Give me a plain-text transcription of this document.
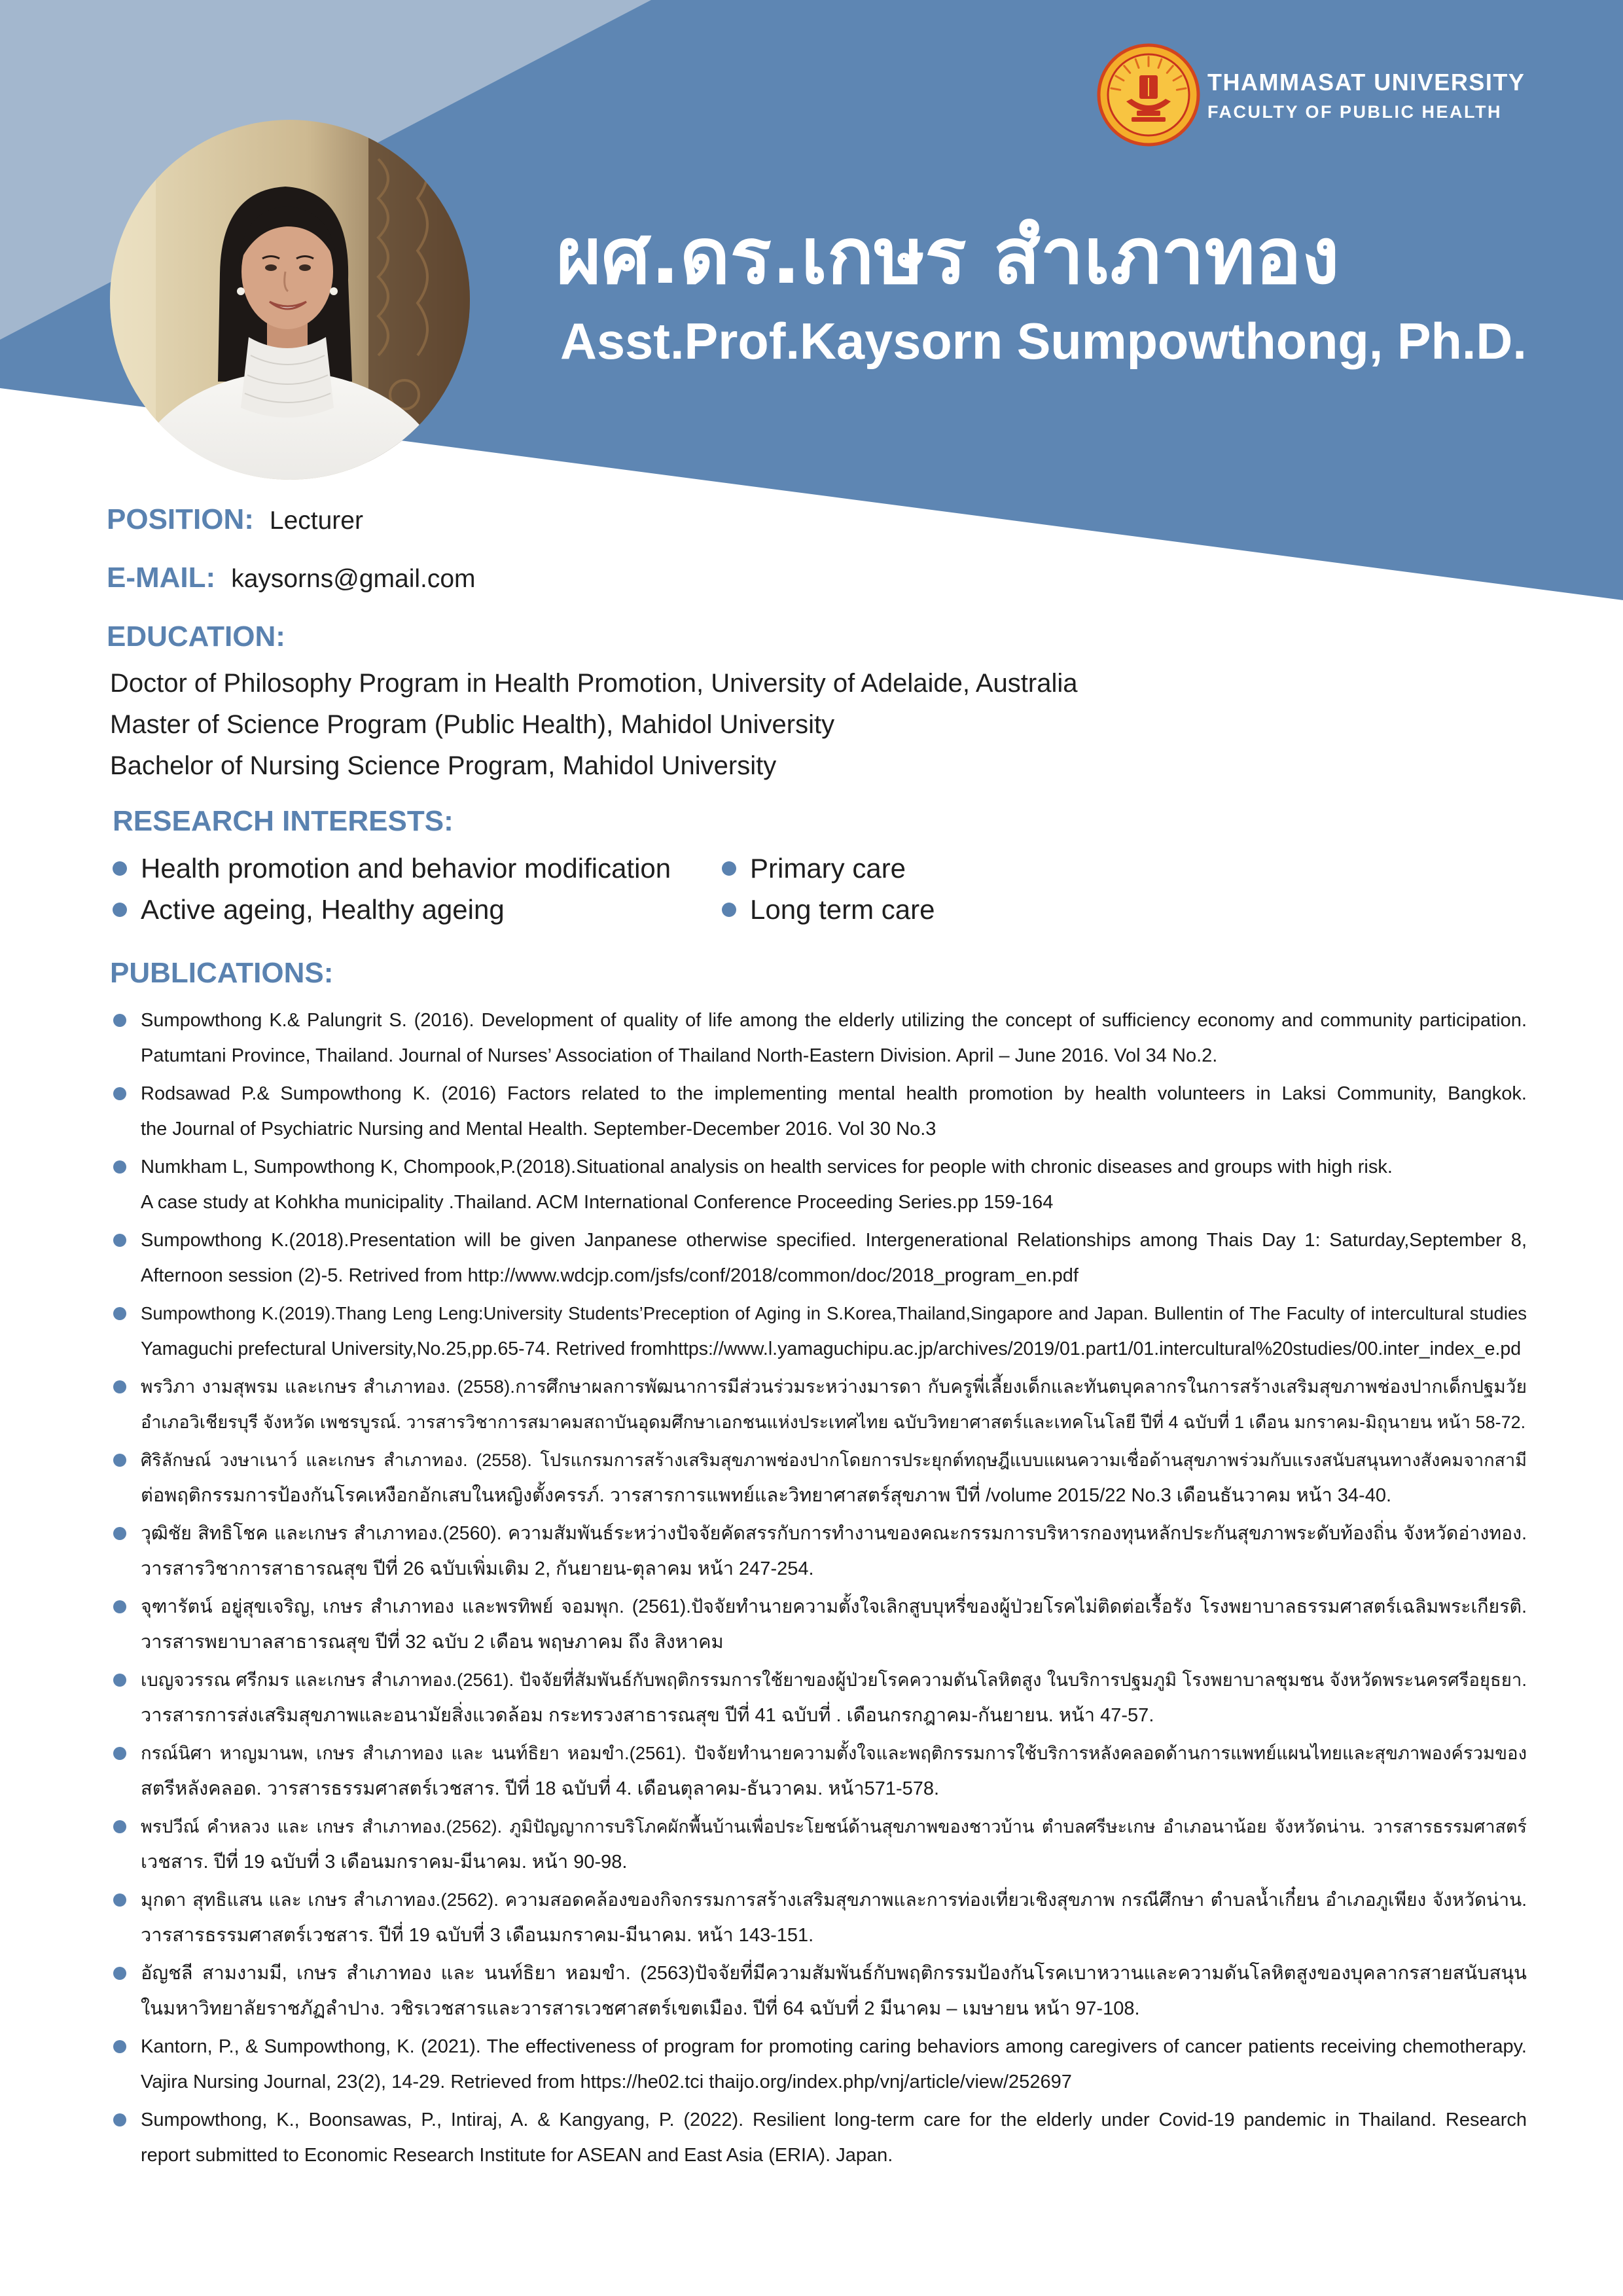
THAMMASAT UNIVERSITY
FACULTY OF PUBLIC HEALTH
ผศ.ดร.เกษร สำเภาทอง
Asst.Prof.Kaysorn Sumpowthong, Ph.D.
POSITION: Lecturer
E-MAIL: kaysorns@gmail.com
EDUCATION:
Doctor of Philosophy Program in Health Promotion, University of Adelaide, Australia
Master of Science Program (Public Health), Mahidol University
Bachelor of Nursing Science Program, Mahidol University
RESEARCH INTERESTS:
Health promotion and behavior modification
Active ageing, Healthy ageing
Primary care
Long term care
PUBLICATIONS:
Sumpowthong K.& Palungrit S. (2016). Development of quality of life among the elderly utilizing the concept of sufficiency economy and community participation.
Patumtani Province, Thailand. Journal of Nurses’ Association of Thailand North-Eastern Division. April – June 2016. Vol 34 No.2.
Rodsawad P.& Sumpowthong K. (2016) Factors related to the implementing mental health promotion by health volunteers in Laksi Community, Bangkok.
the Journal of Psychiatric Nursing and Mental Health. September-December 2016. Vol 30 No.3
Numkham L, Sumpowthong K, Chompook,P.(2018).Situational analysis on health services for people with chronic diseases and groups with high risk.
A case study at Kohkha municipality .Thailand. ACM International Conference Proceeding Series.pp 159-164
Sumpowthong K.(2018).Presentation will be given Janpanese otherwise specified. Intergenerational Relationships among Thais Day 1: Saturday,September 8,
Afternoon session (2)-5. Retrived from http://www.wdcjp.com/jsfs/conf/2018/common/doc/2018_program_en.pdf
Sumpowthong K.(2019).Thang Leng Leng:University Students’Preception of Aging in S.Korea,Thailand,Singapore and Japan. Bullentin of The Faculty of intercultural studies
Yamaguchi prefectural University,No.25,pp.65-74. Retrived fromhttps://www.l.yamaguchipu.ac.jp/archives/2019/01.part1/01.intercultural%20studies/00.inter_index_e.pd
พรวิภา งามสุพรม และเกษร สำเภาทอง. (2558).การศึกษาผลการพัฒนาการมีส่วนร่วมระหว่างมารดา กับครูพี่เลี้ยงเด็กและทันตบุคลากรในการสร้างเสริมสุขภาพช่องปากเด็กปฐมวัย
อำเภอวิเชียรบุรี จังหวัด เพชรบูรณ์. วารสารวิชาการสมาคมสถาบันอุดมศึกษาเอกชนแห่งประเทศไทย ฉบับวิทยาศาสตร์และเทคโนโลยี ปีที่ 4 ฉบับที่ 1 เดือน มกราคม-มิถุนายน หน้า 58-72.
ศิริลักษณ์ วงษาเนาว์ และเกษร สำเภาทอง. (2558). โปรแกรมการสร้างเสริมสุขภาพช่องปากโดยการประยุกต์ทฤษฎีแบบแผนความเชื่อด้านสุขภาพร่วมกับแรงสนับสนุนทางสังคมจากสามี
ต่อพฤติกรรมการป้องกันโรคเหงือกอักเสบในหญิงตั้งครรภ์. วารสารการแพทย์และวิทยาศาสตร์สุขภาพ ปีที่ /volume 2015/22 No.3 เดือนธันวาคม หน้า 34-40.
วุฒิชัย สิทธิโชค และเกษร สำเภาทอง.(2560). ความสัมพันธ์ระหว่างปัจจัยคัดสรรกับการทำงานของคณะกรรมการบริหารกองทุนหลักประกันสุขภาพระดับท้องถิ่น จังหวัดอ่างทอง.
วารสารวิชาการสาธารณสุข ปีที่ 26 ฉบับเพิ่มเติม 2, กันยายน-ตุลาคม หน้า 247-254.
จุฑารัตน์ อยู่สุขเจริญ, เกษร สำเภาทอง และพรทิพย์ จอมพุก. (2561).ปัจจัยทำนายความตั้งใจเลิกสูบบุหรี่ของผู้ป่วยโรคไม่ติดต่อเรื้อรัง โรงพยาบาลธรรมศาสตร์เฉลิมพระเกียรติ.
วารสารพยาบาลสาธารณสุข ปีที่ 32 ฉบับ 2 เดือน พฤษภาคม ถึง สิงหาคม
เบญจวรรณ ศรีกมร และเกษร สำเภาทอง.(2561). ปัจจัยที่สัมพันธ์กับพฤติกรรมการใช้ยาของผู้ป่วยโรคความดันโลหิตสูง ในบริการปฐมภูมิ โรงพยาบาลชุมชน จังหวัดพระนครศรีอยุธยา.
วารสารการส่งเสริมสุขภาพและอนามัยสิ่งแวดล้อม กระทรวงสาธารณสุข ปีที่ 41 ฉบับที่ . เดือนกรกฎาคม-กันยายน. หน้า 47-57.
กรณ์นิศา หาญมานพ, เกษร สำเภาทอง และ นนท์ธิยา หอมขำ.(2561). ปัจจัยทำนายความตั้งใจและพฤติกรรมการใช้บริการหลังคลอดด้านการแพทย์แผนไทยและสุขภาพองค์รวมของ
สตรีหลังคลอด. วารสารธรรมศาสตร์เวชสาร. ปีที่ 18 ฉบับที่ 4. เดือนตุลาคม-ธันวาคม. หน้า571-578.
พรปวีณ์ คำหลวง และ เกษร สำเภาทอง.(2562). ภูมิปัญญาการบริโภคผักพื้นบ้านเพื่อประโยชน์ด้านสุขภาพของชาวบ้าน ตำบลศรีษะเกษ อำเภอนาน้อย จังหวัดน่าน. วารสารธรรมศาสตร์
เวชสาร. ปีที่ 19 ฉบับที่ 3 เดือนมกราคม-มีนาคม. หน้า 90-98.
มุกดา สุทธิแสน และ เกษร สำเภาทอง.(2562). ความสอดคล้องของกิจกรรมการสร้างเสริมสุขภาพและการท่องเที่ยวเชิงสุขภาพ กรณีศึกษา ตำบลน้ำเกี๋ยน อำเภอภูเพียง จังหวัดน่าน.
วารสารธรรมศาสตร์เวชสาร. ปีที่ 19 ฉบับที่ 3 เดือนมกราคม-มีนาคม. หน้า 143-151.
อัญชลี สามงามมี, เกษร สำเภาทอง และ นนท์ธิยา หอมขำ. (2563)ปัจจัยที่มีความสัมพันธ์กับพฤติกรรมป้องกันโรคเบาหวานและความดันโลหิตสูงของบุคลากรสายสนับสนุน
ในมหาวิทยาลัยราชภัฏลำปาง. วชิรเวชสารและวารสารเวชศาสตร์เขตเมือง. ปีที่ 64 ฉบับที่ 2 มีนาคม – เมษายน หน้า 97-108.
Kantorn, P., & Sumpowthong, K. (2021). The effectiveness of program for promoting caring behaviors among caregivers of cancer patients receiving chemotherapy.
Vajira Nursing Journal, 23(2), 14-29. Retrieved from https://he02.tci thaijo.org/index.php/vnj/article/view/252697
Sumpowthong, K., Boonsawas, P., Intiraj, A. & Kangyang, P. (2022). Resilient long-term care for the elderly under Covid-19 pandemic in Thailand. Research
report submitted to Economic Research Institute for ASEAN and East Asia (ERIA). Japan.
